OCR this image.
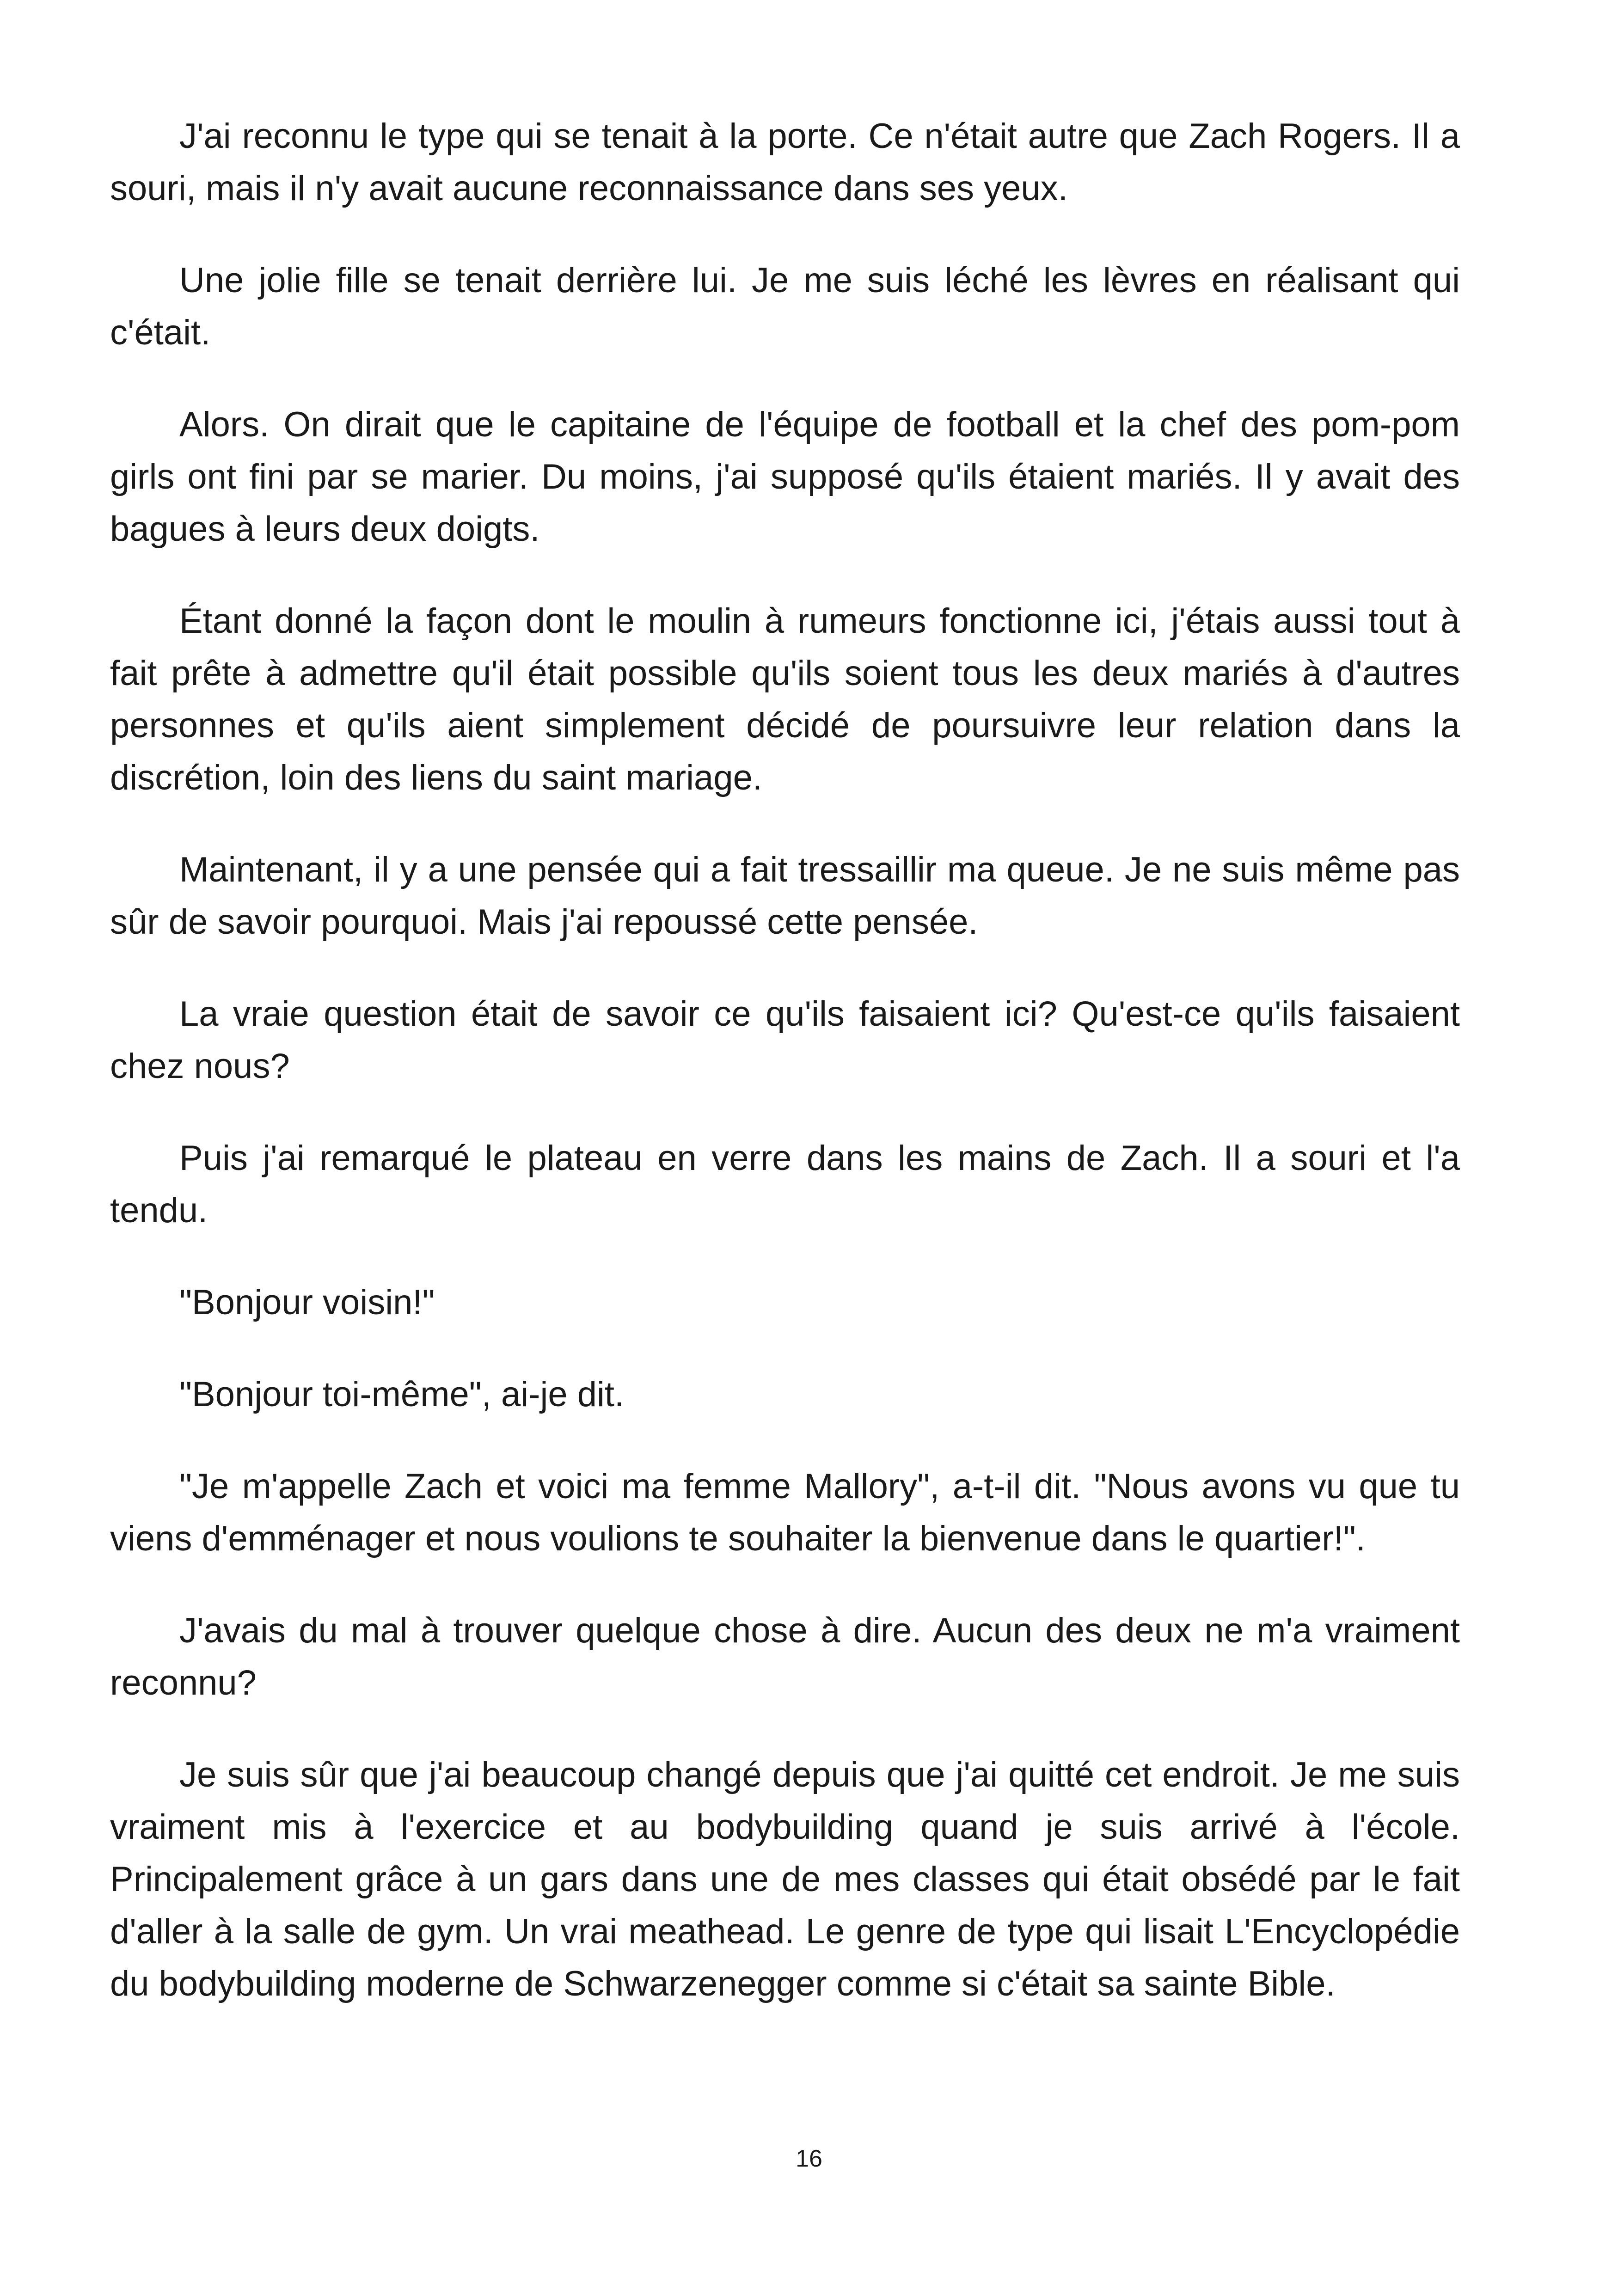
J'ai reconnu le type qui se tenait à la porte. Ce n'était autre que Zach Rogers. Il a souri, mais il n'y avait aucune reconnaissance dans ses yeux.

Une jolie fille se tenait derrière lui. Je me suis léché les lèvres en réalisant qui c'était.

Alors. On dirait que le capitaine de l'équipe de football et la chef des pom-pom girls ont fini par se marier. Du moins, j'ai supposé qu'ils étaient mariés. Il y avait des bagues à leurs deux doigts.

Étant donné la façon dont le moulin à rumeurs fonctionne ici, j'étais aussi tout à fait prête à admettre qu'il était possible qu'ils soient tous les deux mariés à d'autres personnes et qu'ils aient simplement décidé de poursuivre leur relation dans la discrétion, loin des liens du saint mariage.

Maintenant, il y a une pensée qui a fait tressaillir ma queue. Je ne suis même pas sûr de savoir pourquoi. Mais j'ai repoussé cette pensée.

La vraie question était de savoir ce qu'ils faisaient ici? Qu'est-ce qu'ils faisaient chez nous?

Puis j'ai remarqué le plateau en verre dans les mains de Zach. Il a souri et l'a tendu.

"Bonjour voisin!"

"Bonjour toi-même", ai-je dit.

"Je m'appelle Zach et voici ma femme Mallory", a-t-il dit. "Nous avons vu que tu viens d'emménager et nous voulions te souhaiter la bienvenue dans le quartier!".

J'avais du mal à trouver quelque chose à dire. Aucun des deux ne m'a vraiment reconnu?

Je suis sûr que j'ai beaucoup changé depuis que j'ai quitté cet endroit. Je me suis vraiment mis à l'exercice et au bodybuilding quand je suis arrivé à l'école. Principalement grâce à un gars dans une de mes classes qui était obsédé par le fait d'aller à la salle de gym. Un vrai meathead. Le genre de type qui lisait L'Encyclopédie du bodybuilding moderne de Schwarzenegger comme si c'était sa sainte Bible.

16
